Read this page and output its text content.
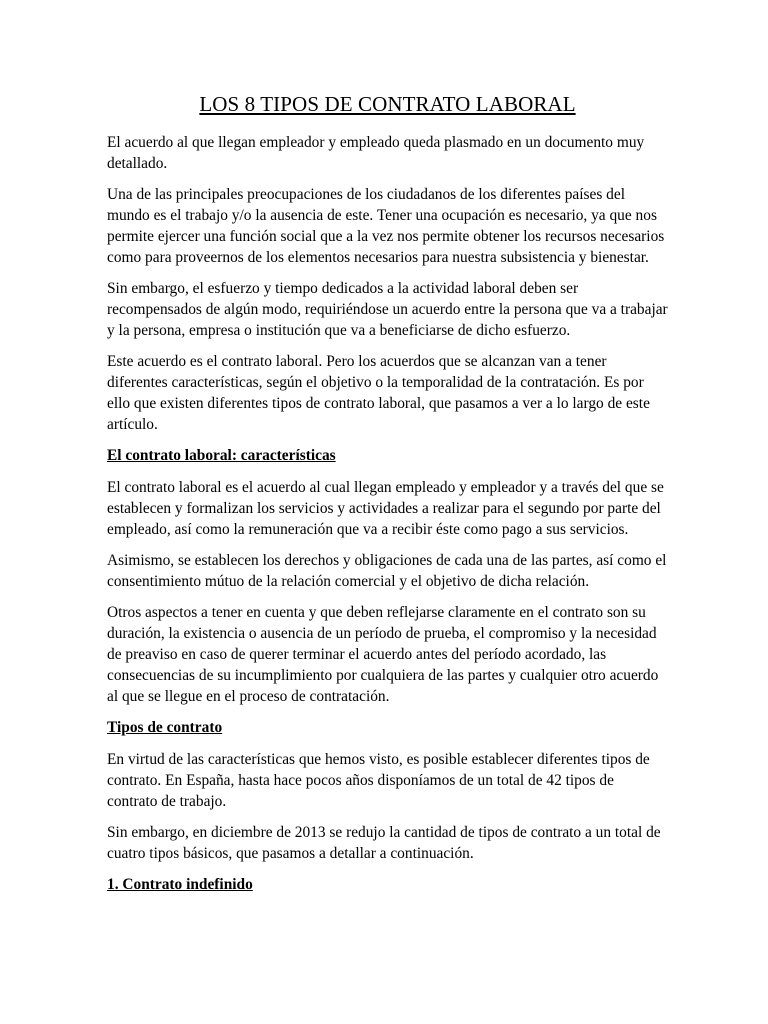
LOS 8 TIPOS DE CONTRATO LABORAL

El acuerdo al que llegan empleador y empleado queda plasmado en un documento muy detallado.

Una de las principales preocupaciones de los ciudadanos de los diferentes países del mundo es el trabajo y/o la ausencia de este. Tener una ocupación es necesario, ya que nos permite ejercer una función social que a la vez nos permite obtener los recursos necesarios como para proveernos de los elementos necesarios para nuestra subsistencia y bienestar.

Sin embargo, el esfuerzo y tiempo dedicados a la actividad laboral deben ser recompensados de algún modo, requiriéndose un acuerdo entre la persona que va a trabajar y la persona, empresa o institución que va a beneficiarse de dicho esfuerzo.

Este acuerdo es el contrato laboral. Pero los acuerdos que se alcanzan van a tener diferentes características, según el objetivo o la temporalidad de la contratación. Es por ello que existen diferentes tipos de contrato laboral, que pasamos a ver a lo largo de este artículo.

El contrato laboral: características

El contrato laboral es el acuerdo al cual llegan empleado y empleador y a través del que se establecen y formalizan los servicios y actividades a realizar para el segundo por parte del empleado, así como la remuneración que va a recibir éste como pago a sus servicios.

Asimismo, se establecen los derechos y obligaciones de cada una de las partes, así como el consentimiento mútuo de la relación comercial y el objetivo de dicha relación.

Otros aspectos a tener en cuenta y que deben reflejarse claramente en el contrato son su duración, la existencia o ausencia de un período de prueba, el compromiso y la necesidad de preaviso en caso de querer terminar el acuerdo antes del período acordado, las consecuencias de su incumplimiento por cualquiera de las partes y cualquier otro acuerdo al que se llegue en el proceso de contratación.

Tipos de contrato

En virtud de las características que hemos visto, es posible establecer diferentes tipos de contrato. En España, hasta hace pocos años disponíamos de un total de 42 tipos de contrato de trabajo.

Sin embargo, en diciembre de 2013 se redujo la cantidad de tipos de contrato a un total de cuatro tipos básicos, que pasamos a detallar a continuación.

1. Contrato indefinido
